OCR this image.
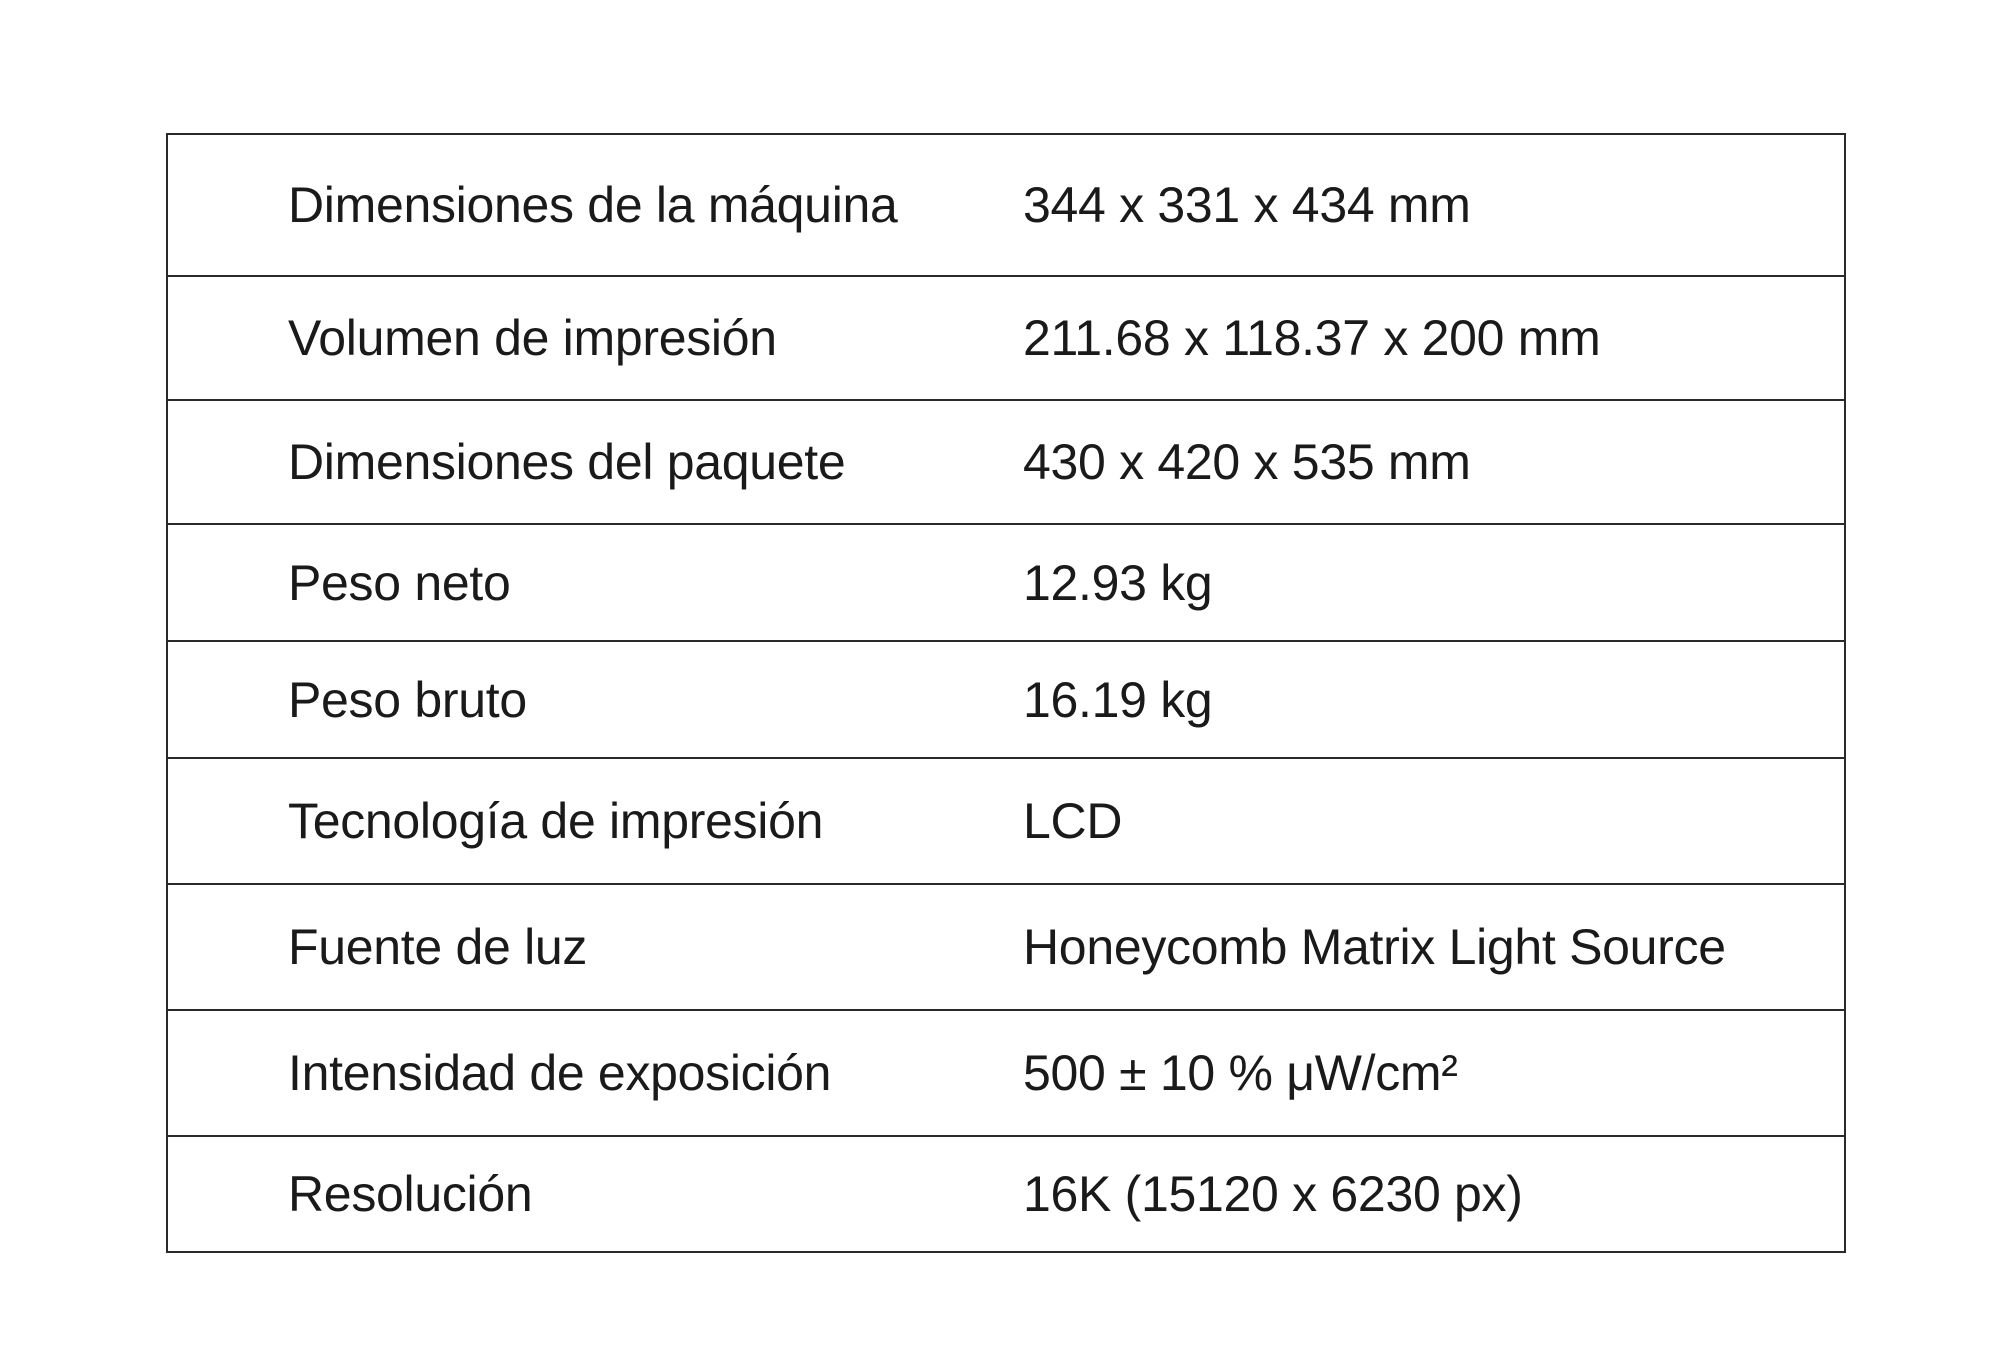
Dimensiones de la máquina	344 x 331 x 434 mm
Volumen de impresión	211.68 x 118.37 x 200 mm
Dimensiones del paquete	430 x 420 x 535 mm
Peso neto	12.93 kg
Peso bruto	16.19 kg
Tecnología de impresión	LCD
Fuente de luz	Honeycomb Matrix Light Source
Intensidad de exposición	500 ± 10 % μW/cm²
Resolución	16K (15120 x 6230 px)
